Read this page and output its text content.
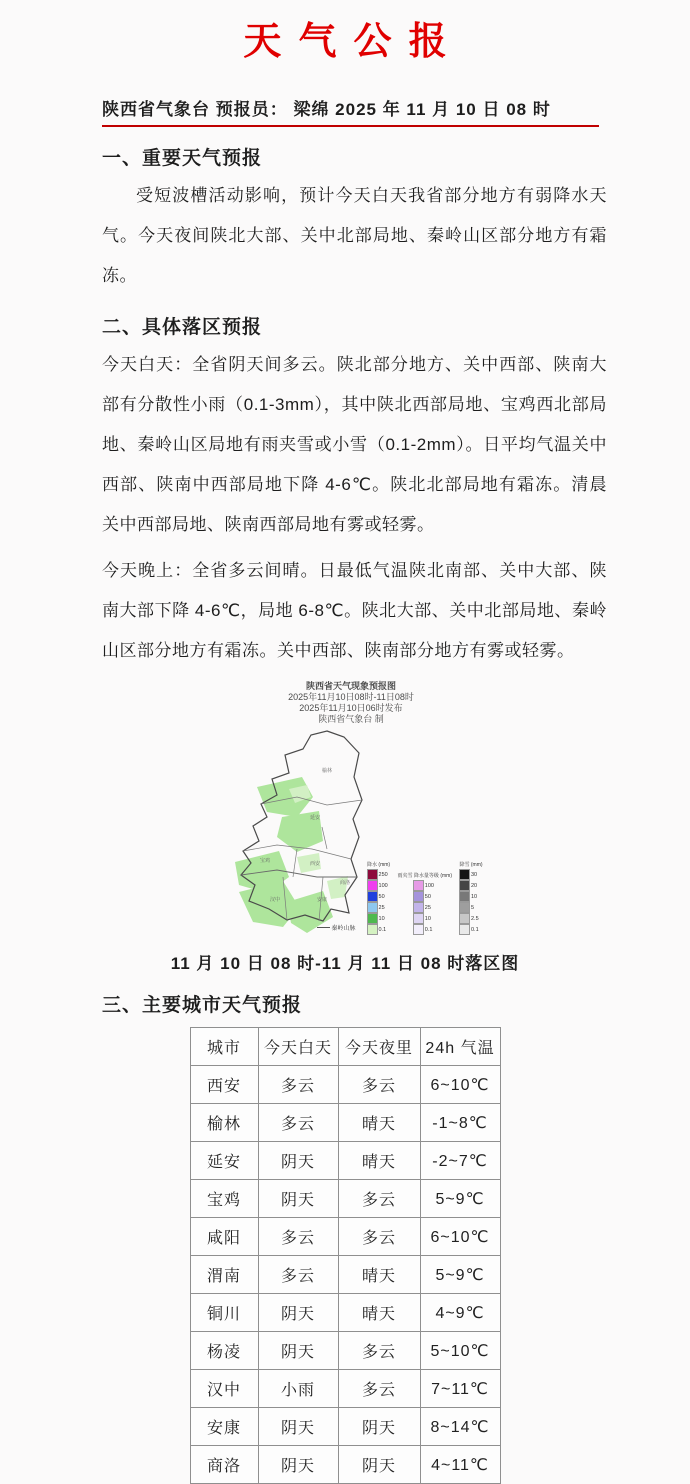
天气公报
陕西省气象台 预报员： 梁绵 2025 年 11 月 10 日 08 时
一、重要天气预报
受短波槽活动影响，预计今天白天我省部分地方有弱降水天气。今天夜间陕北大部、关中北部局地、秦岭山区部分地方有霜冻。
二、具体落区预报
今天白天：全省阴天间多云。陕北部分地方、关中西部、陕南大部有分散性小雨（0.1-3mm），其中陕北西部局地、宝鸡西北部局地、秦岭山区局地有雨夹雪或小雪（0.1-2mm）。日平均气温关中西部、陕南中西部局地下降 4-6℃。陕北北部局地有霜冻。清晨关中西部局地、陕南西部局地有雾或轻雾。
今天晚上：全省多云间晴。日最低气温陕北南部、关中大部、陕南大部下降 4-6℃，局地 6-8℃。陕北大部、关中北部局地、秦岭山区部分地方有霜冻。关中西部、陕南部分地方有雾或轻雾。
陕西省天气现象预报图
2025年11月10日08时-11日08时
2025年11月10日06时发布
陕西省气象台 制
榆林
延安
宝鸡	西安
汉中	安康
商洛
秦岭山脉
降水 (mm)
250
100
50
25
10
0.1
雨夹雪 降水量等级 (mm)
100
50
25
10
0.1
降雪 (mm)
30
20
10
5
2.5
0.1
11 月 10 日 08 时-11 月 11 日 08 时落区图
三、主要城市天气预报
城市	今天白天	今天夜里	24h 气温
西安	多云	多云	6~10℃
榆林	多云	晴天	-1~8℃
延安	阴天	晴天	-2~7℃
宝鸡	阴天	多云	5~9℃
咸阳	多云	多云	6~10℃
渭南	多云	晴天	5~9℃
铜川	阴天	晴天	4~9℃
杨凌	阴天	多云	5~10℃
汉中	小雨	多云	7~11℃
安康	阴天	阴天	8~14℃
商洛	阴天	阴天	4~11℃
